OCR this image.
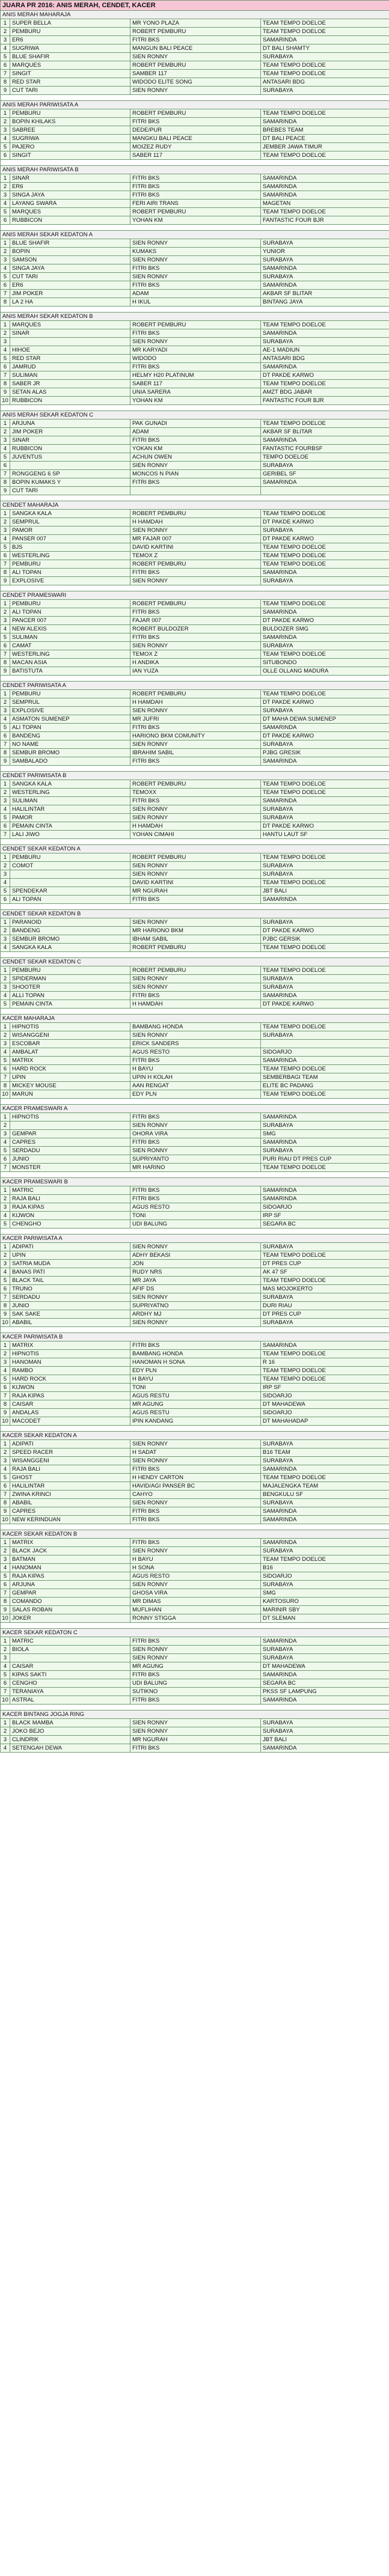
JUARA PR 2016: ANIS MERAH, CENDET, KACER			
ANIS MERAH MAHARAJA			
1	SUPER BELLA	MR YONO PLAZA	TEAM TEMPO DOELOE
2	PEMBURU	ROBERT PEMBURU	TEAM TEMPO DOELOE
3	ER6	FITRI BKS	SAMARINDA
4	SUGRIWA	MANGUN BALI PEACE	DT BALI SHAMTY
5	BLUE SHAFIR	SIEN RONNY	SURABAYA
6	MARQUES	ROBERT PEMBURU	TEAM TEMPO DOELOE
7	SINGIT	SAMBER 117	TEAM TEMPO DOELOE
8	RED STAR	WIDODO ELITE SONG	ANTASARI BDG
9	CUT TARI	SIEN RONNY	SURABAYA

ANIS MERAH PARIWISATA A			
1	PEMBURU	ROBERT PEMBURU	TEAM TEMPO DOELOE
2	BOPIN KHILAKS	FITRI BKS	SAMARINDA
3	SABREE	DEDE/PUR	BREBES TEAM
4	SUGRIWA	MANGKU BALI PEACE	DT BALI PEACE
5	PAJERO	MOIZEZ RUDY	JEMBER JAWA TIMUR
6	SINGIT	SABER 117	TEAM TEMPO DOELOE

ANIS MERAH PARIWISATA B			
1	SINAR	FITRI BKS	SAMARINDA
2	ER6	FITRI BKS	SAMARINDA
3	SINGA JAYA	FITRI BKS	SAMARINDA
4	LAYANG SWARA	FERI AIRI TRANS	MAGETAN
5	MARQUES	ROBERT PEMBURU	TEAM TEMPO DOELOE
6	RUBBICON	YOHAN KM	FANTASTIC FOUR BJR

ANIS MERAH SEKAR KEDATON A			
1	BLUE SHAFIR	SIEN RONNY	SURABAYA
2	BOPIN	KUMAKS	YUNIOR
3	SAMSON	SIEN RONNY	SURABAYA
4	SINGA JAYA	FITRI BKS	SAMARINDA
5	CUT TARI	SIEN RONNY	SURABAYA
6	ER6	FITRI BKS	SAMARINDA
7	JIM POKER	ADAM	AKBAR SF BLITAR
8	LA 2 HA	H IKUL	BINTANG JAYA

ANIS MERAH SEKAR KEDATON B			
1	MARQUES	ROBERT PEMBURU	TEAM TEMPO DOELOE
2	SINAR	FITRI BKS	SAMARINDA
3		SIEN RONNY	SURABAYA
4	HIHOE	MR KARYADI	AE-1 MADIUN
5	RED STAR	WIDODO	ANTASARI BDG
6	JAMRUD	FITRI BKS	SAMARINDA
7	SULIMAN	HELMY H20 PLATINUM	DT PAKDE KARWO
8	SABER JR	SABER 117	TEAM TEMPO DOELOE
9	SETAN ALAS	UNIA SARERA	AMZT BDG JABAR
10	RUBBICON	YOHAN KM	FANTASTIC FOUR BJR

ANIS MERAH SEKAR KEDATON C			
1	ARJUNA	PAK GUNADI	TEAM TEMPO DOELOE
2	JIM POKER	ADAM	AKBAR SF BLITAR
3	SINAR	FITRI BKS	SAMARINDA
4	RUBBICON	YOKAN KM	FANTASTIC FOURBSF
5	JUVENTUS	ACHUN OWEN	TEMPO DOELOE
6		SIEN RONNY	SURABAYA
7	RONGGENG 6 SP	MONCOS N PIAN	GERIBEL SF
8	BOPIN KUMAKS Y	FITRI BKS	SAMARINDA
9	CUT TARI		

CENDET MAHARAJA			
1	SANGKA KALA	ROBERT PEMBURU	TEAM TEMPO DOELOE
2	SEMPRUL	H HAMDAH	DT PAKDE KARWO
3	PAMOR	SIEN RONNY	SURABAYA
4	PANSER 007	MR FAJAR 007	DT PAKDE KARWO
5	BJS	DAVID KARTINI	TEAM TEMPO DOELOE
6	WESTERLING	TEMOX Z	TEAM TEMPO DOELOE
7	PEMBURU	ROBERT PEMBURU	TEAM TEMPO DOELOE
8	ALI TOPAN	FITRI BKS	SAMARINDA
9	EXPLOSIVE	SIEN RONNY	SURABAYA

CENDET PRAMESWARI			
1	PEMBURU	ROBERT PEMBURU	TEAM TEMPO DOELOE
2	ALI TOPAN	FITRI BKS	SAMARINDA
3	PANCER 007	FAJAR 007	DT PAKDE KARWO
4	NEW ALEXIS	ROBERT BULDOZER	BULDOZER SMG
5	SULIMAN	FITRI BKS	SAMARINDA
6	CAMAT	SIEN RONNY	SURABAYA
7	WESTERLING	TEMOX Z	TEAM TEMPO DOELOE
8	MACAN ASIA	H ANDIKA	SITUBONDO
9	BATISTUTA	IAN YUZA	OLLE OLLANG MADURA

CENDET PARIWISATA A			
1	PEMBURU	ROBERT PEMBURU	TEAM TEMPO DOELOE
2	SEMPRUL	H HAMDAH	DT PAKDE KARWO
3	EXPLOSIVE	SIEN RONNY	SURABAYA
4	ASMATON SUMENEP	MR JUFRI	DT MAHA DEWA SUMENEP
5	ALI TOPAN	FITRI BKS	SAMARINDA
6	BANDENG	HARIONO BKM COMUNITY	DT PAKDE KARWO
7	NO NAME	SIEN RONNY	SURABAYA
8	SEMBUR BROMO	IBRAHIM SABIL	PJBG GRESIK
9	SAMBALADO	FITRI BKS	SAMARINDA

CENDET PARIWISATA B			
1	SANGKA KALA	ROBERT PEMBURU	TEAM TEMPO DOELOE
2	WESTERLING	TEMOXX	TEAM TEMPO DOELOE
3	SULIMAN	FITRI BKS	SAMARINDA
4	HALILINTAR	SIEN RONNY	SURABAYA
5	PAMOR	SIEN RONNY	SURABAYA
6	PEMAIN CINTA	H HAMDAH	DT PAKDE KARWO
7	LALI JIWO	YOHAN CIMAHI	HANTU LAUT SF

CENDET SEKAR KEDATON A			
1	PEMBURU	ROBERT PEMBURU	TEAM TEMPO DOELOE
2	COMOT	SIEN RONNY	SURABAYA
3		SIEN RONNY	SURABAYA
4		DAVID KARTINI	TEAM TEMPO DOELOE
5	SPENDEKAR	MR NGURAH	JBT BALI
6	ALI TOPAN	FITRI BKS	SAMARINDA

CENDET SEKAR KEDATON B			
1	PARANOID	SIEN RONNY	SURABAYA
2	BANDENG	MR HARIONO BKM	DT PAKDE KARWO
3	SEMBUR BROMO	IBHAM SABIL	PJBC GERSIK
4	SANGKA KALA	ROBERT PEMBURU	TEAM TEMPO DOELOE

CENDET SEKAR KEDATON C			
1	PEMBURU	ROBERT PEMBURU	TEAM TEMPO DOELOE
2	SPIDERMAN	SIEN RONNY	SURABAYA
3	SHOOTER	SIEN RONNY	SURABAYA
4	ALLI TOPAN	FITRI BKS	SAMARINDA
5	PEMAIN CINTA	H HAMDAH	DT PAKDE KARWO

KACER MAHARAJA			
1	HIPNOTIS	BAMBANG HONDA	TEAM TEMPO DOELOE
2	WISANGGENI	SIEN RONNY	SURABAYA
3	ESCOBAR	ERICK SANDERS	
4	AMBALAT	AGUS RESTO	SIDOARJO
5	MATRIX	FITRI BKS	SAMARINDA
6	HARD ROCK	H BAYU	TEAM TEMPO DOELOE
7	UPIN	UPIN H KOLAH	SEMBERBAGI TEAM
8	MICKEY MOUSE	AAN RENGAT	ELITE BC PADANG
10	MARUN	EDY PLN	TEAM TEMPO DOELOE

KACER PRAMESWARI A			
1	HIPNOTIS	FITRI BKS	SAMARINDA
2		SIEN RONNY	SURABAYA
3	GEMPAR	OHORA VIRA	SMG
4	CAPRES	FITRI BKS	SAMARINDA
5	SERDADU	SIEN RONNY	SURABAYA
6	JUNIO	SUPRIYANTO	PURI RIAU DT PRES CUP
7	MONSTER	MR HARINO	TEAM TEMPO DOELOE

KACER PRAMESWARI B			
1	MATRIC	FITRI BKS	SAMARINDA
2	RAJA BALI	FITRI BKS	SAMARINDA
3	RAJA KIPAS	AGUS RESTO	SIDOARJO
4	KIJWON	TONI	IRP SF
5	CHENGHO	UDI BALUNG	SEGARA BC

KACER PARIWISATA A			
1	ADIPATI	SIEN RONNY	SURABAYA
2	UPIN	ADHY BEKASI	TEAM TEMPO DOELOE
3	SATRIA MUDA	JON	DT PRES CUP
4	BANAS PATI	RUDY NRS	AK 47 SF
5	BLACK TAIL	MR JAYA	TEAM TEMPO DOELOE
6	TRUNO	AFIF DS	MAS MOJOKERTO
7	SERDADU	SIEN RONNY	SURABAYA
8	JUNIO	SUPRIYATNO	DURI RIAU
9	SAK SAKE	ARDHY MJ	DT PRES CUP
10	ABABIL	SIEN RONNY	SURABAYA

KACER PARIWISATA B			
1	MATRIX	FITRI BKS	SAMARINDA
2	HIPNOTIS	BAMBANG HONDA	TEAM TEMPO DOELOE
3	HANOMAN	HANOMAN H SONA	R 16
4	RAMBO	EDY PLN	TEAM TEMPO DOELOE
5	HARD ROCK	H BAYU	TEAM TEMPO DOELOE
6	KIJWON	TONI	IRP SF
7	RAJA KIPAS	AGUS RESTU	SIDOARJO
8	CAISAR	MR AGUNG	DT MAHADEWA
9	ANDALAS	AGUS RESTU	SIDOARJO
10	MACODET	IPIN KANDANG	DT MAHAHADAP

KACER SEKAR KEDATON A			
1	ADIPATI	SIEN RONNY	SURABAYA
2	SPEED RACER	H SADAT	B16 TEAM
3	WISANGGENI	SIEN RONNY	SURABAYA
4	RAJA BALI	FITRI BKS	SAMARINDA
5	GHOST	H HENDY CARTON	TEAM TEMPO DOELOE
6	HALILINTAR	HAVID/AGI PANSER BC	MAJALENGKA TEAM
7	ZWINA KRINCI	CAHYO	BENGKULU SF
8	ABABIL	SIEN RONNY	SURABAYA
9	CAPRES	FITRI BKS	SAMARINDA
10	NEW KERINDUAN	FITRI BKS	SAMARINDA

KACER SEKAR KEDATON B			
1	MATRIX	FITRI BKS	SAMARINDA
2	BLACK JACK	SIEN RONNY	SURABAYA
3	BATMAN	H BAYU	TEAM TEMPO DOELOE
4	HANOMAN	H SONA	B16
5	RAJA KIPAS	AGUS RESTO	SIDOARJO
6	ARJUNA	SIEN RONNY	SURABAYA
7	GEMPAR	GHOSA VIRA	SMG
8	COMANDO	MR DIMAS	KARTOSURO
9	SALAS ROBAN	MUFLIHAN	MARINIR SBY
10	JOKER	RONNY STIGGA	DT SLEMAN

KACER SEKAR KEDATON C			
1	MATRIC	FITRI BKS	SAMARINDA
2	BIOLA	SIEN RONNY	SURABAYA
3		SIEN RONNY	SURABAYA
4	CAISAR	MR AGUNG	DT MAHADEWA
5	KIPAS SAKTI	FITRI BKS	SAMARINDA
6	CENGHO	UDI BALUNG	SEGARA BC
7	TERANIAYA	SUTIKNO	PKSS SF LAMPUNG
10	ASTRAL	FITRI BKS	SAMARINDA

KACER BINTANG JOGJA RING			
1	BLACK MAMBA	SIEN RONNY	SURABAYA
2	JOKO BEJO	SIEN RONNY	SURABAYA
3	CLINDRIK	MR NGURAH	JBT BALI
4	SETENGAH DEWA	FITRI BKS	SAMARINDA
